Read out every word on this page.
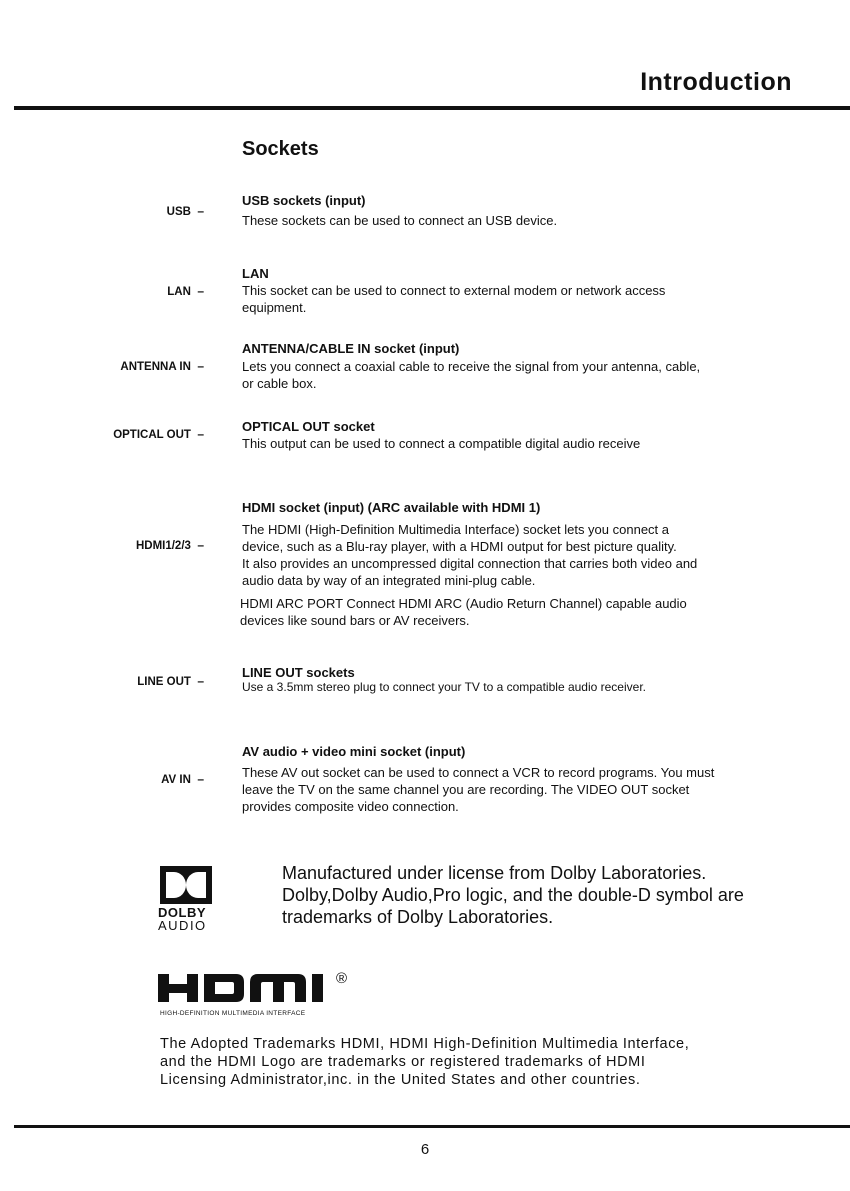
Introduction
Sockets
USB –

USB sockets (input)

These sockets can be used to connect an USB device.

LAN –

LAN

This socket can be used to connect to external modem or network access

equipment.

ANTENNA IN –

ANTENNA/CABLE IN socket (input)

Lets you connect a coaxial cable to receive the signal from your antenna, cable,

or cable box.

OPTICAL OUT –	OPTICAL OUT socket

This output can be used to connect a compatible digital audio receive

HDMI1/2/3 –

HDMI socket (input) (ARC available with HDMI 1)

The HDMI (High-Definition Multimedia Interface) socket lets you connect a

device, such as a Blu-ray player, with a HDMI output for best picture quality.

It also provides an uncompressed digital connection that carries both video and

audio data by way of an integrated mini-plug cable.

HDMI ARC PORT Connect HDMI ARC (Audio Return Channel) capable audio

devices like sound bars or AV receivers.

LINE OUT –

LINE OUT sockets

Use a 3.5mm stereo plug to connect your TV to a compatible audio receiver.

AV IN –

AV audio + video mini socket (input)

These AV out socket can be used to connect a VCR to record programs. You must

leave the TV on the same channel you are recording. The VIDEO OUT socket

provides composite video connection.

DOLBY
AUDIO
Manufactured under license from Dolby Laboratories.
Dolby,Dolby Audio,Pro logic, and the double-D symbol are
trademarks of Dolby Laboratories.
®
HIGH-DEFINITION MULTIMEDIA INTERFACE
The Adopted Trademarks HDMI, HDMI High-Definition Multimedia Interface,
and the HDMI Logo are trademarks or registered trademarks of HDMI
Licensing Administrator,inc. in the United States and other countries.
6
